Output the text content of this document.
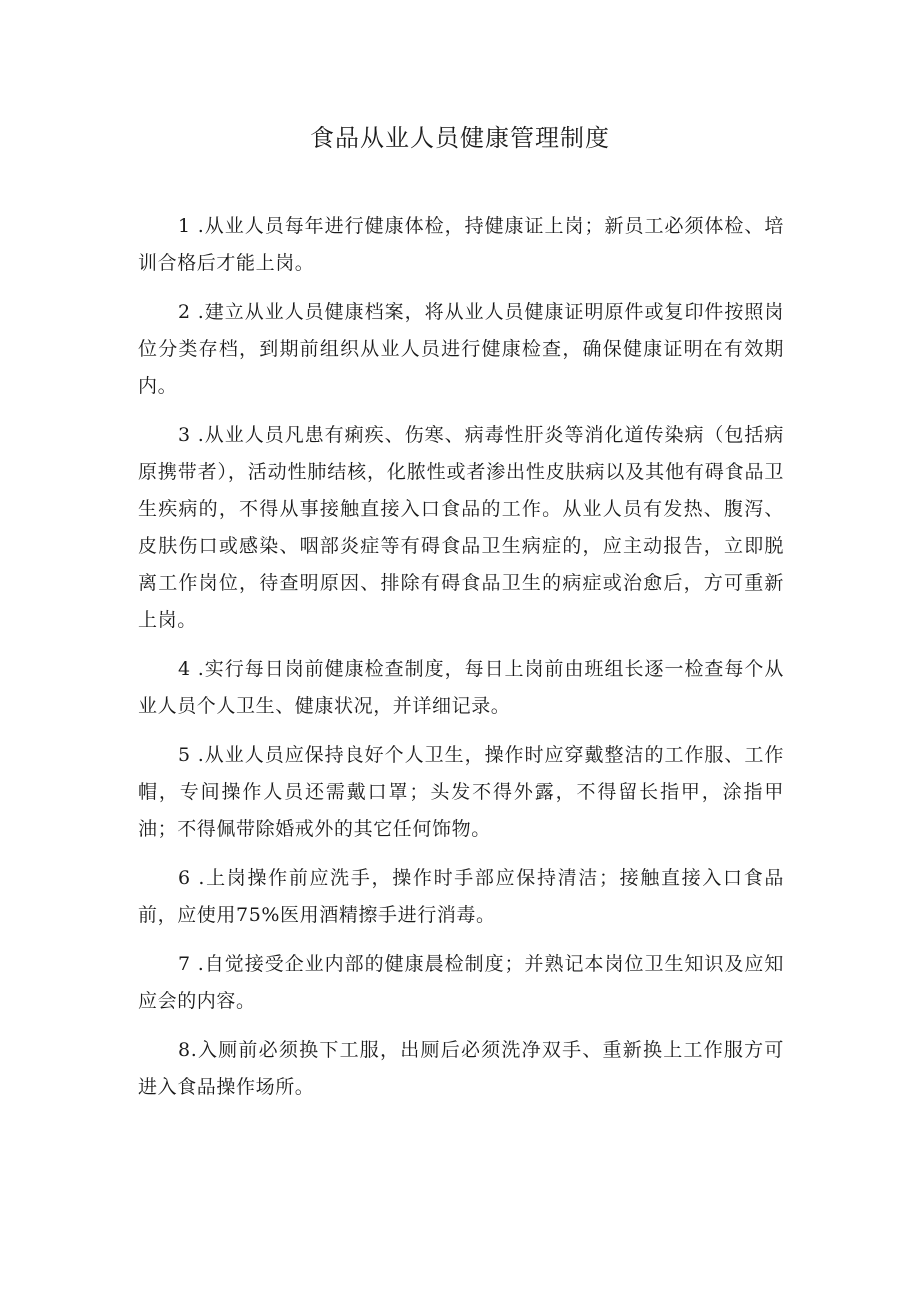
食品从业人员健康管理制度

1 .从业人员每年进行健康体检，持健康证上岗；新员工必须体检、培训合格后才能上岗。

2 .建立从业人员健康档案，将从业人员健康证明原件或复印件按照岗位分类存档，到期前组织从业人员进行健康检查，确保健康证明在有效期内。

3 .从业人员凡患有痢疾、伤寒、病毒性肝炎等消化道传染病（包括病原携带者），活动性肺结核，化脓性或者渗出性皮肤病以及其他有碍食品卫生疾病的，不得从事接触直接入口食品的工作。从业人员有发热、腹泻、皮肤伤口或感染、咽部炎症等有碍食品卫生病症的，应主动报告，立即脱离工作岗位，待查明原因、排除有碍食品卫生的病症或治愈后，方可重新上岗。

4 .实行每日岗前健康检查制度，每日上岗前由班组长逐一检查每个从业人员个人卫生、健康状况，并详细记录。

5 .从业人员应保持良好个人卫生，操作时应穿戴整洁的工作服、工作帽，专间操作人员还需戴口罩；头发不得外露，不得留长指甲，涂指甲油；不得佩带除婚戒外的其它任何饰物。

6 .上岗操作前应洗手，操作时手部应保持清洁；接触直接入口食品前，应使用75%医用酒精擦手进行消毒。

7 .自觉接受企业内部的健康晨检制度；并熟记本岗位卫生知识及应知应会的内容。

8.入厕前必须换下工服，出厕后必须洗净双手、重新换上工作服方可进入食品操作场所。
